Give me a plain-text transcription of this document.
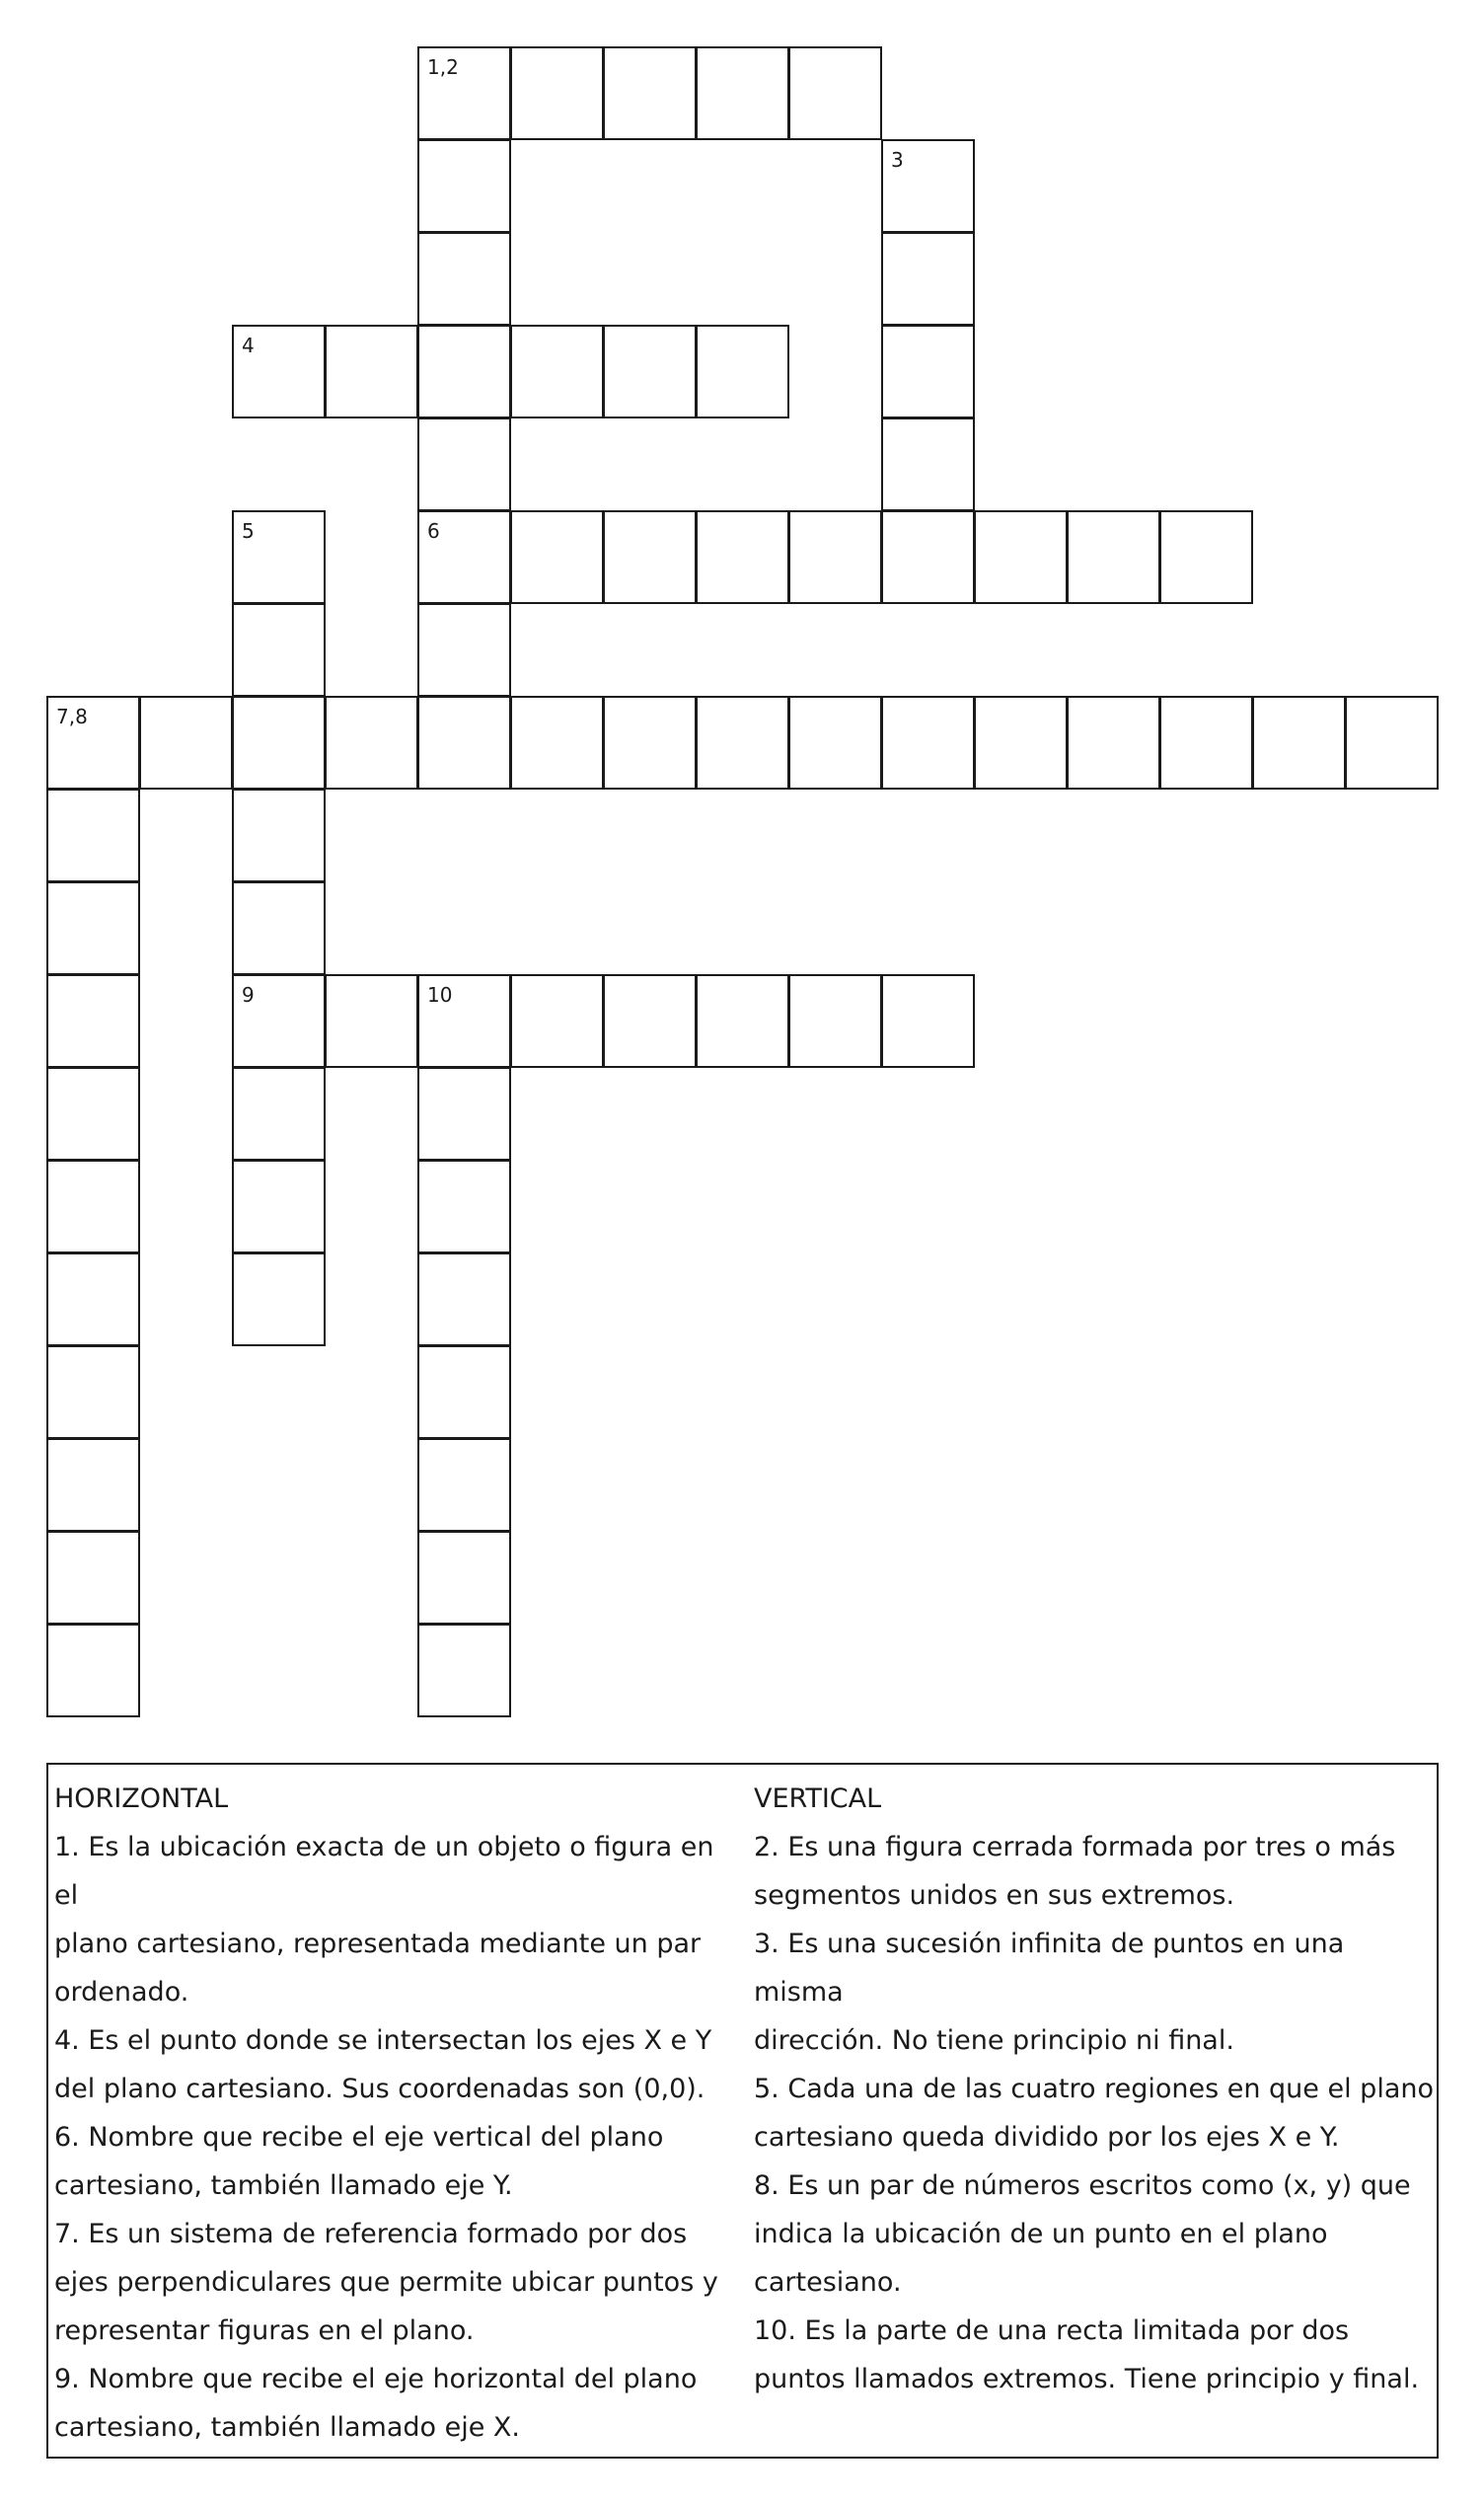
1,2
3
4
5	6
7,8
9	10
HORIZONTAL
1. Es la ubicación exacta de un objeto o figura en el
plano cartesiano, representada mediante un par
ordenado.
4. Es el punto donde se intersectan los ejes X e Y
del plano cartesiano. Sus coordenadas son (0,0).
6. Nombre que recibe el eje vertical del plano
cartesiano, también llamado eje Y.
7. Es un sistema de referencia formado por dos
ejes perpendiculares que permite ubicar puntos y
representar figuras en el plano.
9. Nombre que recibe el eje horizontal del plano
cartesiano, también llamado eje X.
VERTICAL
2. Es una figura cerrada formada por tres o más
segmentos unidos en sus extremos.
3. Es una sucesión infinita de puntos en una misma
dirección. No tiene principio ni final.
5. Cada una de las cuatro regiones en que el plano
cartesiano queda dividido por los ejes X e Y.
8. Es un par de números escritos como (x, y) que
indica la ubicación de un punto en el plano
cartesiano.
10. Es la parte de una recta limitada por dos
puntos llamados extremos. Tiene principio y final.
